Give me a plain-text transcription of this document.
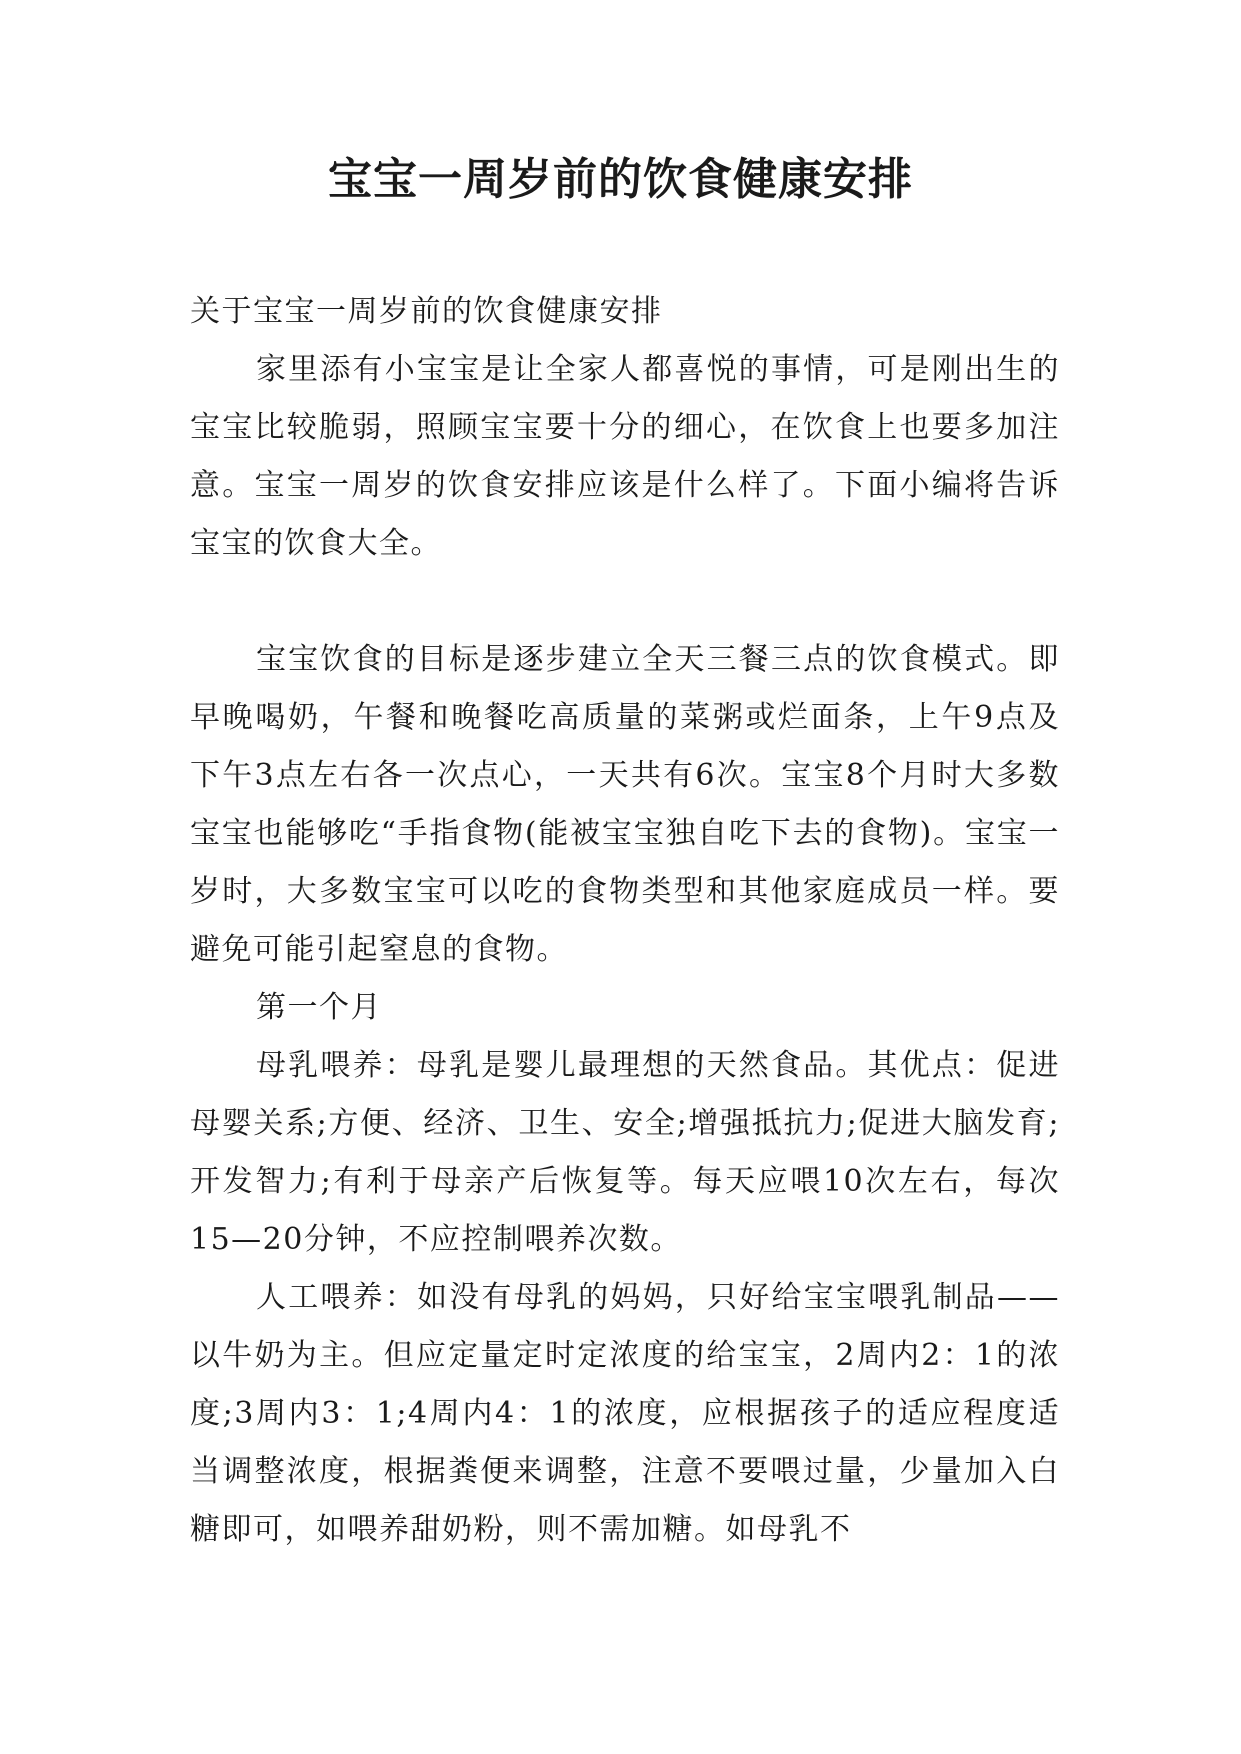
宝宝一周岁前的饮食健康安排

关于宝宝一周岁前的饮食健康安排

家里添有小宝宝是让全家人都喜悦的事情，可是刚出生的宝宝比较脆弱，照顾宝宝要十分的细心，在饮食上也要多加注意。宝宝一周岁的饮食安排应该是什么样了。下面小编将告诉宝宝的饮食大全。

宝宝饮食的目标是逐步建立全天三餐三点的饮食模式。即早晚喝奶，午餐和晚餐吃高质量的菜粥或烂面条，上午9点及下午3点左右各一次点心，一天共有6次。宝宝8个月时大多数宝宝也能够吃“手指食物(能被宝宝独自吃下去的食物)。宝宝一岁时，大多数宝宝可以吃的食物类型和其他家庭成员一样。要避免可能引起窒息的食物。

第一个月

母乳喂养：母乳是婴儿最理想的天然食品。其优点：促进母婴关系;方便、经济、卫生、安全;增强抵抗力;促进大脑发育;开发智力;有利于母亲产后恢复等。每天应喂10次左右，每次15—20分钟，不应控制喂养次数。

人工喂养：如没有母乳的妈妈，只好给宝宝喂乳制品——以牛奶为主。但应定量定时定浓度的给宝宝，2周内2：1的浓度;3周内3：1;4周内4：1的浓度，应根据孩子的适应程度适当调整浓度，根据粪便来调整，注意不要喂过量，少量加入白糖即可，如喂养甜奶粉，则不需加糖。如母乳不
